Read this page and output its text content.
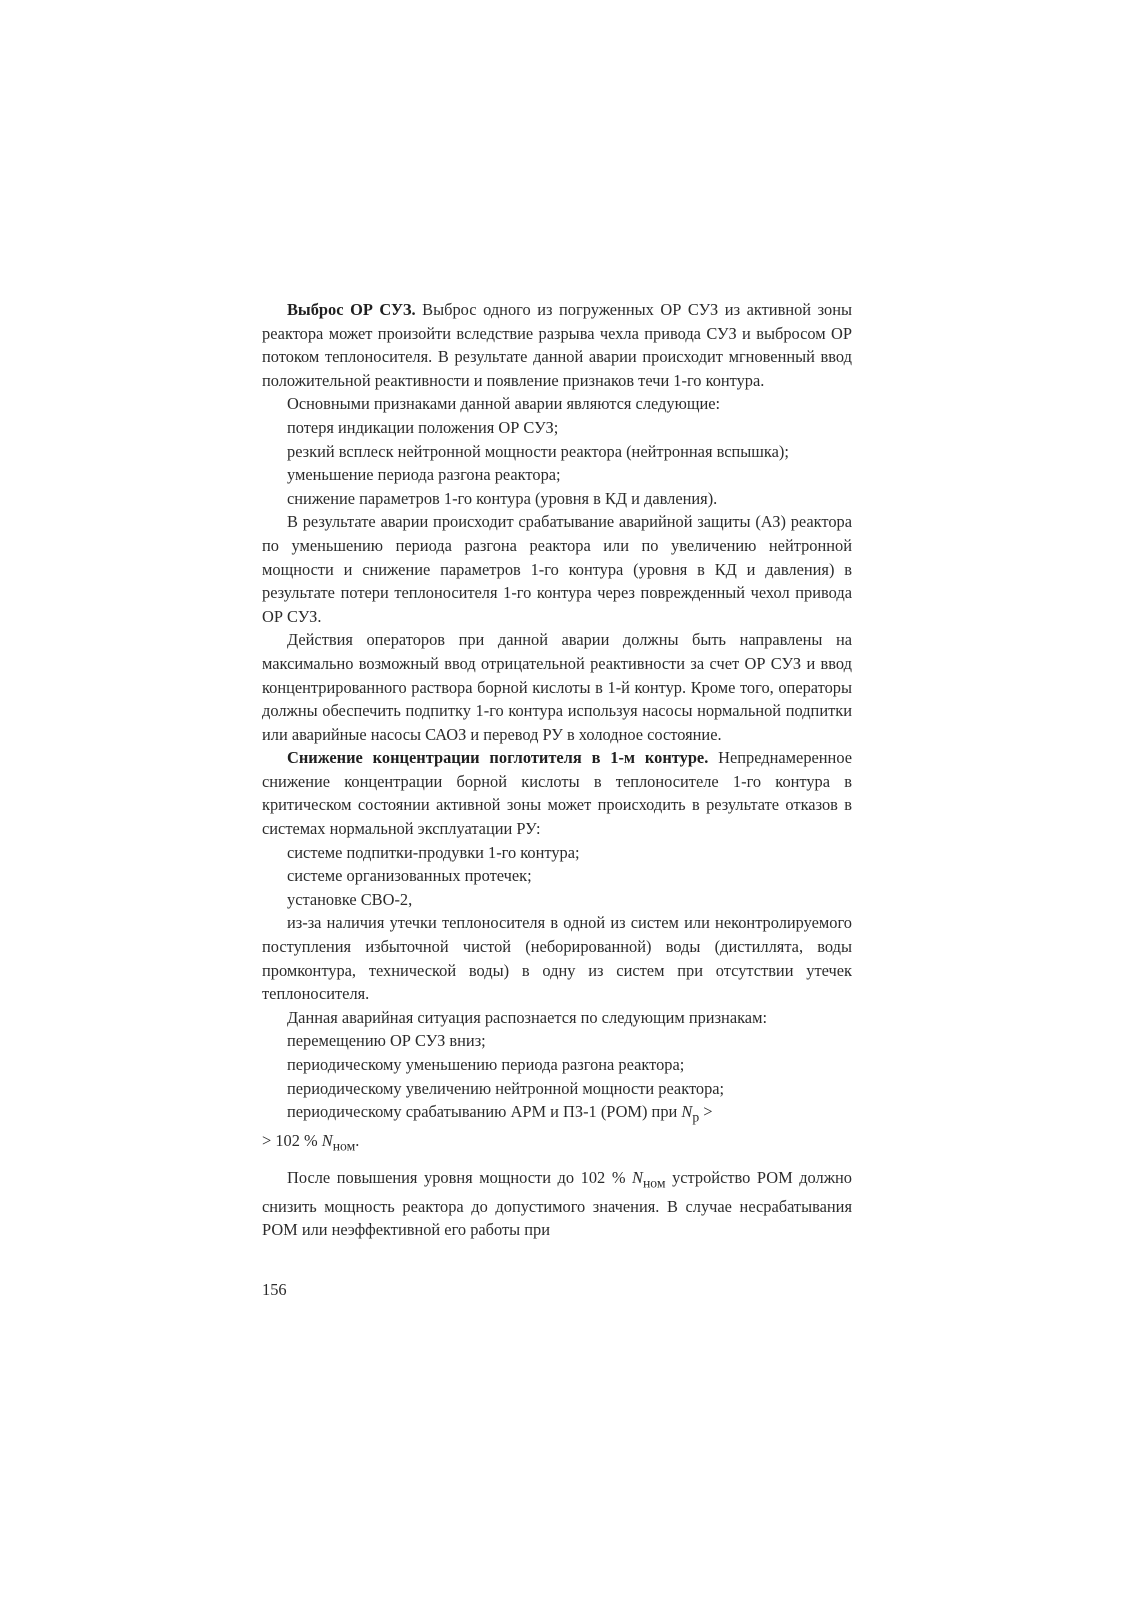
Выброс ОР СУЗ. Выброс одного из погруженных ОР СУЗ из активной зоны реактора может произойти вследствие разрыва чехла привода СУЗ и выбросом ОР потоком теплоносителя. В результате данной аварии происходит мгновенный ввод положительной реактивности и появление признаков течи 1-го контура.

Основными признаками данной аварии являются следующие:

потеря индикации положения ОР СУЗ;

резкий всплеск нейтронной мощности реактора (нейтронная вспышка);

уменьшение периода разгона реактора;

снижение параметров 1-го контура (уровня в КД и давления).

В результате аварии происходит срабатывание аварийной защиты (АЗ) реактора по уменьшению периода разгона реактора или по увеличению нейтронной мощности и снижение параметров 1-го контура (уровня в КД и давления) в результате потери теплоносителя 1-го контура через поврежденный чехол привода ОР СУЗ.

Действия операторов при данной аварии должны быть направлены на максимально возможный ввод отрицательной реактивности за счет ОР СУЗ и ввод концентрированного раствора борной кислоты в 1-й контур. Кроме того, операторы должны обеспечить подпитку 1-го контура используя насосы нормальной подпитки или аварийные насосы САОЗ и перевод РУ в холодное состояние.

Снижение концентрации поглотителя в 1-м контуре. Непреднамеренное снижение концентрации борной кислоты в теплоносителе 1-го контура в критическом состоянии активной зоны может происходить в результате отказов в системах нормальной эксплуатации РУ:

системе подпитки-продувки 1-го контура;

системе организованных протечек;

установке СВО-2,

из-за наличия утечки теплоносителя в одной из систем или неконтролируемого поступления избыточной чистой (неборированной) воды (дистиллята, воды промконтура, технической воды) в одну из систем при отсутствии утечек теплоносителя.

Данная аварийная ситуация распознается по следующим признакам:

перемещению ОР СУЗ вниз;

периодическому уменьшению периода разгона реактора;

периодическому увеличению нейтронной мощности реактора;

периодическому срабатыванию АРМ и ПЗ-1 (РОМ) при $N_р$ >
> 102 % $N_{ном}$.

После повышения уровня мощности до 102 % $N_{ном}$ устройство РОМ должно снизить мощность реактора до допустимого значения. В случае несрабатывания РОМ или неэффективной его работы при

156
